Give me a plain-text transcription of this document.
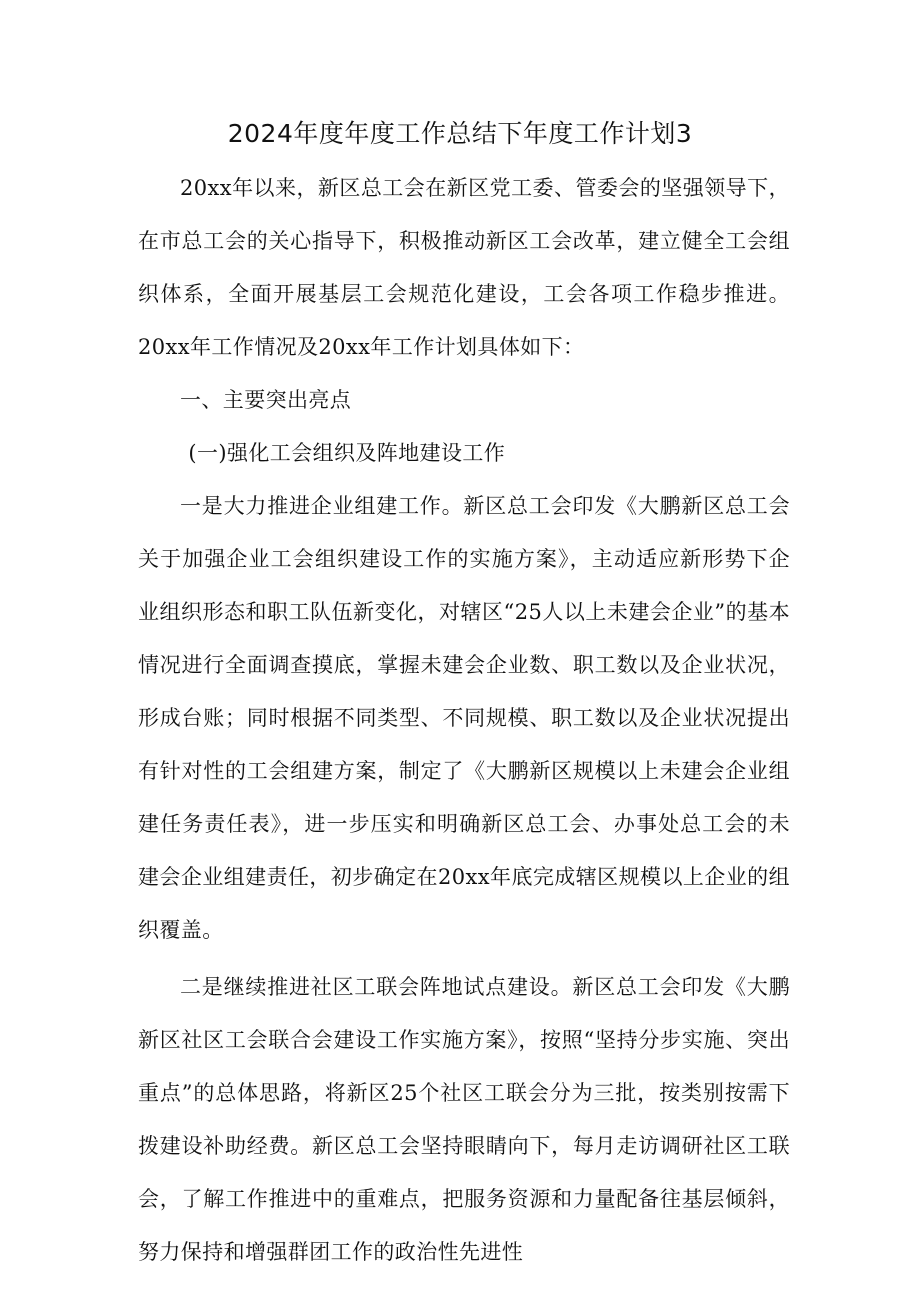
2024年度年度工作总结下年度工作计划3

20xx年以来，新区总工会在新区党工委、管委会的坚强领导下，在市总工会的关心指导下，积极推动新区工会改革，建立健全工会组织体系，全面开展基层工会规范化建设，工会各项工作稳步推进。20xx年工作情况及20xx年工作计划具体如下：

一、主要突出亮点

(一)强化工会组织及阵地建设工作

一是大力推进企业组建工作。新区总工会印发《大鹏新区总工会关于加强企业工会组织建设工作的实施方案》，主动适应新形势下企业组织形态和职工队伍新变化，对辖区“25人以上未建会企业”的基本情况进行全面调查摸底，掌握未建会企业数、职工数以及企业状况，形成台账；同时根据不同类型、不同规模、职工数以及企业状况提出有针对性的工会组建方案，制定了《大鹏新区规模以上未建会企业组建任务责任表》，进一步压实和明确新区总工会、办事处总工会的未建会企业组建责任，初步确定在20xx年底完成辖区规模以上企业的组织覆盖。

二是继续推进社区工联会阵地试点建设。新区总工会印发《大鹏新区社区工会联合会建设工作实施方案》，按照“坚持分步实施、突出重点”的总体思路，将新区25个社区工联会分为三批，按类别按需下拨建设补助经费。新区总工会坚持眼睛向下，每月走访调研社区工联会，了解工作推进中的重难点，把服务资源和力量配备往基层倾斜，努力保持和增强群团工作的政治性先进性
